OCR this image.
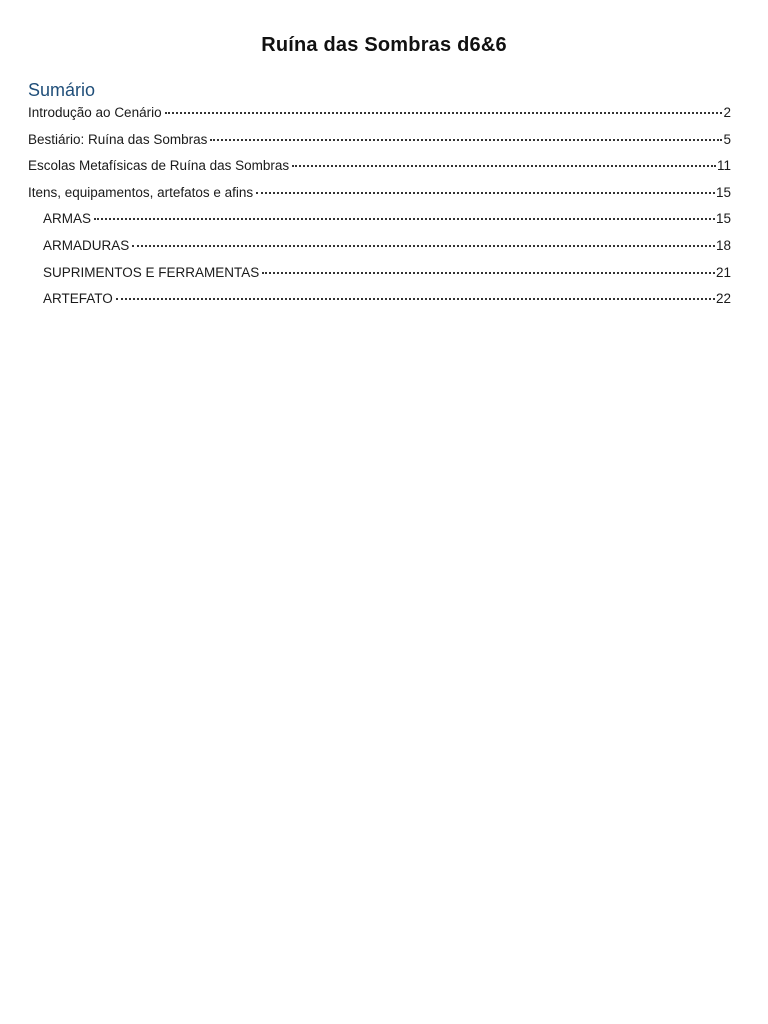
Ruína das Sombras d6&6
Sumário
Introdução ao Cenário	2
Bestiário: Ruína das Sombras	5
Escolas Metafísicas de Ruína das Sombras	11
Itens, equipamentos, artefatos e afins	15
ARMAS	15
ARMADURAS	18
SUPRIMENTOS E FERRAMENTAS	21
ARTEFATO	22
